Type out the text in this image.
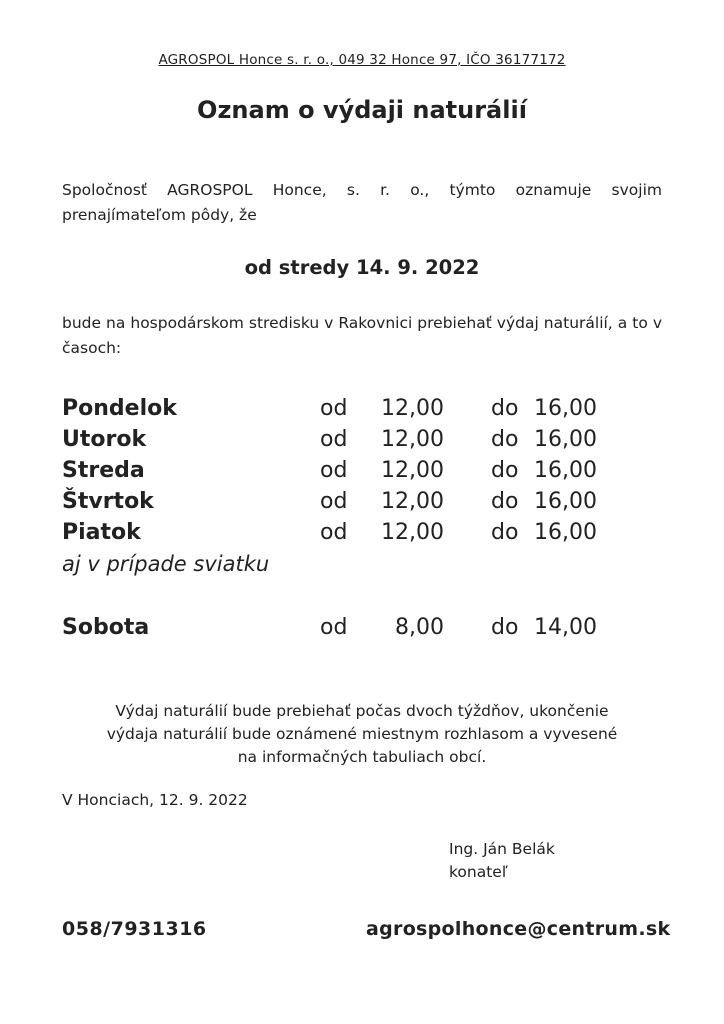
AGROSPOL Honce s. r. o., 049 32 Honce 97, IČO 36177172
Oznam o výdaji naturálií
Spoločnosť AGROSPOL Honce, s. r. o., týmto oznamuje svojim prenajímateľom pôdy, že
od stredy 14. 9. 2022
bude na hospodárskom stredisku v Rakovnici prebiehať výdaj naturálií, a to v časoch:
Pondelok	od	12,00 do 16,00
Utorok	od	12,00 do 16,00
Streda	od	12,00 do 16,00
Štvrtok	od	12,00 do 16,00
Piatok	od	12,00 do 16,00
aj v prípade sviatku
Sobota	od	8,00 do 14,00
Výdaj naturálií bude prebiehať počas dvoch týždňov, ukončenie
výdaja naturálií bude oznámené miestnym rozhlasom a vyvesené
na informačných tabuliach obcí.
V Honciach, 12. 9. 2022
Ing. Ján Belák
konateľ
058/7931316	agrospolhonce@centrum.sk
